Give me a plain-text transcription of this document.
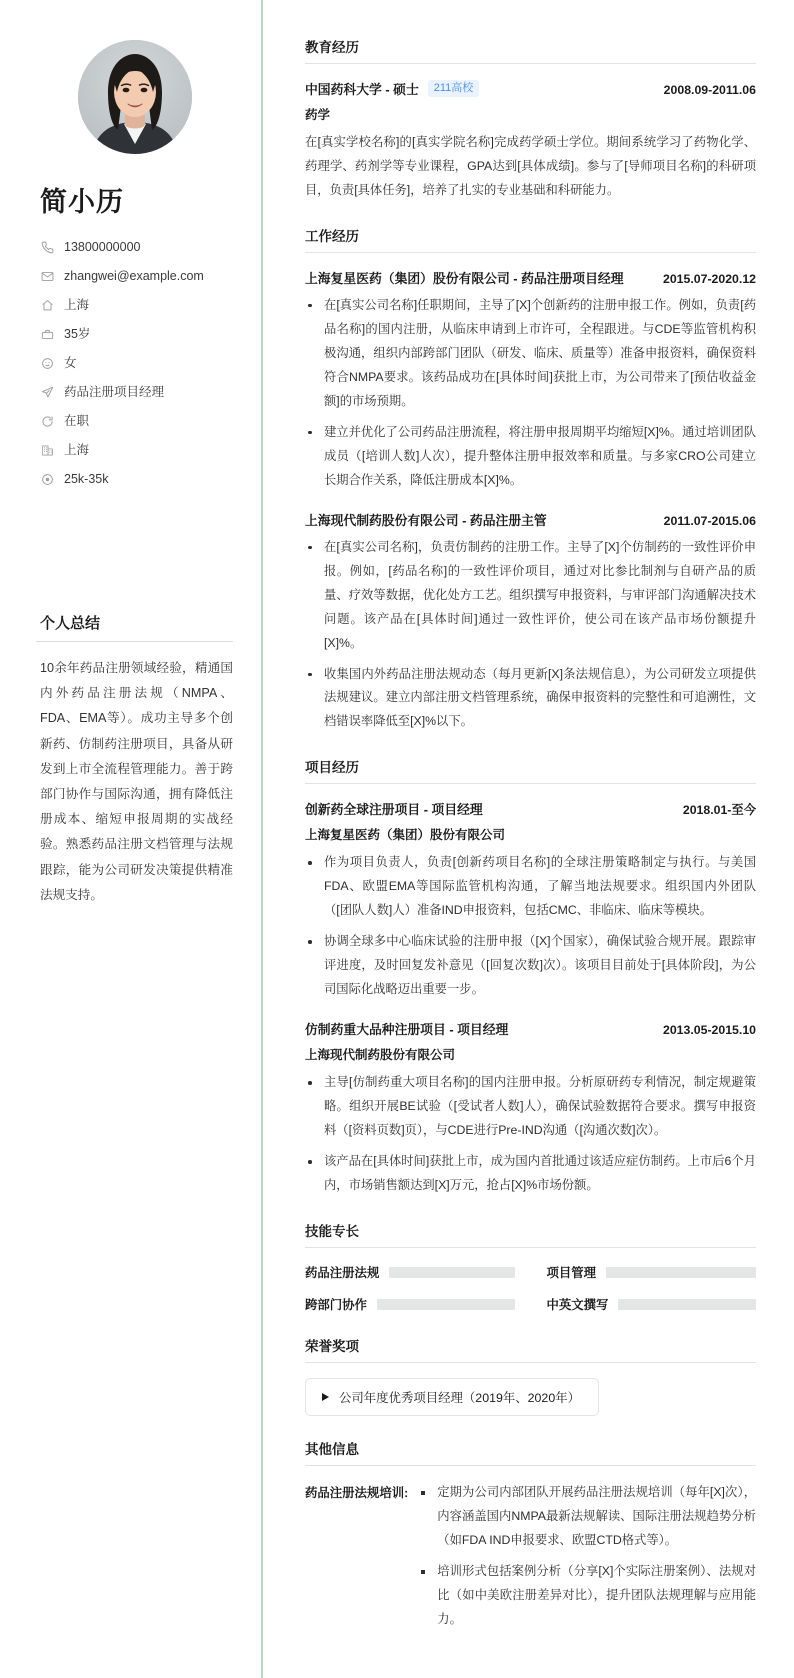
简小历
13800000000
zhangwei@example.com
上海
35岁
女
药品注册项目经理
在职
上海
25k-35k
个人总结
10余年药品注册领域经验，精通国内外药品注册法规（NMPA、FDA、EMA等）。成功主导多个创新药、仿制药注册项目，具备从研发到上市全流程管理能力。善于跨部门协作与国际沟通，拥有降低注册成本、缩短申报周期的实战经验。熟悉药品注册文档管理与法规跟踪，能为公司研发决策提供精准法规支持。
教育经历
中国药科大学 - 硕士	211高校	2008.09-2011.06
药学
在[真实学校名称]的[真实学院名称]完成药学硕士学位。期间系统学习了药物化学、药理学、药剂学等专业课程，GPA达到[具体成绩]。参与了[导师项目名称]的科研项目，负责[具体任务]，培养了扎实的专业基础和科研能力。
工作经历
上海复星医药（集团）股份有限公司 - 药品注册项目经理	2015.07-2020.12
在[真实公司名称]任职期间，主导了[X]个创新药的注册申报工作。例如，负责[药品名称]的国内注册，从临床申请到上市许可，全程跟进。与CDE等监管机构积极沟通，组织内部跨部门团队（研发、临床、质量等）准备申报资料，确保资料符合NMPA要求。该药品成功在[具体时间]获批上市，为公司带来了[预估收益金额]的市场预期。
建立并优化了公司药品注册流程，将注册申报周期平均缩短[X]%。通过培训团队成员（[培训人数]人次），提升整体注册申报效率和质量。与多家CRO公司建立长期合作关系，降低注册成本[X]%。
上海现代制药股份有限公司 - 药品注册主管	2011.07-2015.06
在[真实公司名称]，负责仿制药的注册工作。主导了[X]个仿制药的一致性评价申报。例如，[药品名称]的一致性评价项目，通过对比参比制剂与自研产品的质量、疗效等数据，优化处方工艺。组织撰写申报资料，与审评部门沟通解决技术问题。该产品在[具体时间]通过一致性评价，使公司在该产品市场份额提升[X]%。
收集国内外药品注册法规动态（每月更新[X]条法规信息），为公司研发立项提供法规建议。建立内部注册文档管理系统，确保申报资料的完整性和可追溯性，文档错误率降低至[X]%以下。
项目经历
创新药全球注册项目 - 项目经理	2018.01-至今
上海复星医药（集团）股份有限公司
作为项目负责人，负责[创新药项目名称]的全球注册策略制定与执行。与美国FDA、欧盟EMA等国际监管机构沟通，了解当地法规要求。组织国内外团队（[团队人数]人）准备IND申报资料，包括CMC、非临床、临床等模块。
协调全球多中心临床试验的注册申报（[X]个国家），确保试验合规开展。跟踪审评进度，及时回复发补意见（[回复次数]次）。该项目目前处于[具体阶段]，为公司国际化战略迈出重要一步。
仿制药重大品种注册项目 - 项目经理	2013.05-2015.10
上海现代制药股份有限公司
主导[仿制药重大项目名称]的国内注册申报。分析原研药专利情况，制定规避策略。组织开展BE试验（[受试者人数]人），确保试验数据符合要求。撰写申报资料（[资料页数]页），与CDE进行Pre-IND沟通（[沟通次数]次）。
该产品在[具体时间]获批上市，成为国内首批通过该适应症仿制药。上市后6个月内，市场销售额达到[X]万元，抢占[X]%市场份额。
技能专长
药品注册法规	项目管理
跨部门协作	中英文撰写
荣誉奖项
公司年度优秀项目经理（2019年、2020年）
其他信息
药品注册法规培训:	定期为公司内部团队开展药品注册法规培训（每年[X]次），内容涵盖国内NMPA最新法规解读、国际注册法规趋势分析（如FDA IND申报要求、欧盟CTD格式等）。
培训形式包括案例分析（分享[X]个实际注册案例）、法规对比（如中美欧注册差异对比），提升团队法规理解与应用能力。
